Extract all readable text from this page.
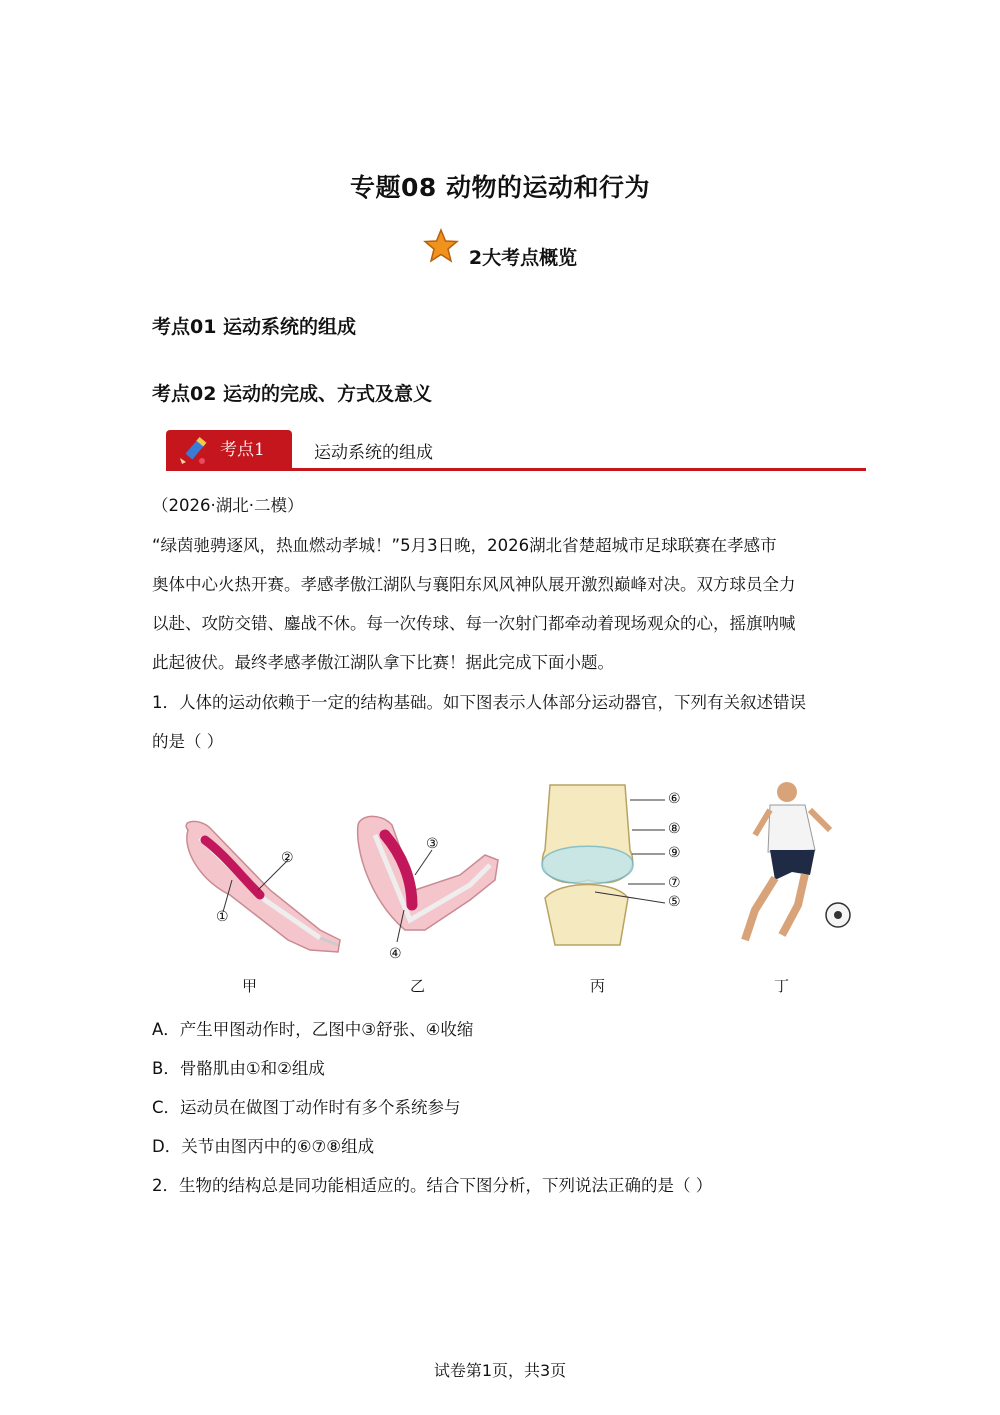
专题08 动物的运动和行为
2大考点概览
考点01 运动系统的组成
考点02 运动的完成、方式及意义
考点1	运动系统的组成
（2026·湖北·二模）
“绿茵驰骋逐风，热血燃动孝城！”5月3日晚，2026湖北省楚超城市足球联赛在孝感市
奥体中心火热开赛。孝感孝傲江湖队与襄阳东风风神队展开激烈巅峰对决。双方球员全力
以赴、攻防交错、鏖战不休。每一次传球、每一次射门都牵动着现场观众的心，摇旗呐喊
此起彼伏。最终孝感孝傲江湖队拿下比赛！据此完成下面小题。
1．人体的运动依赖于一定的结构基础。如下图表示人体部分运动器官，下列有关叙述错误
的是（ ）
②
①
③
④
⑥
⑧
⑨
⑦
⑤
甲	乙	丙	丁
A．产生甲图动作时，乙图中③舒张、④收缩
B．骨骼肌由①和②组成
C．运动员在做图丁动作时有多个系统参与
D．关节由图丙中的⑥⑦⑧组成
2．生物的结构总是同功能相适应的。结合下图分析，下列说法正确的是（ ）
试卷第1页，共3页
